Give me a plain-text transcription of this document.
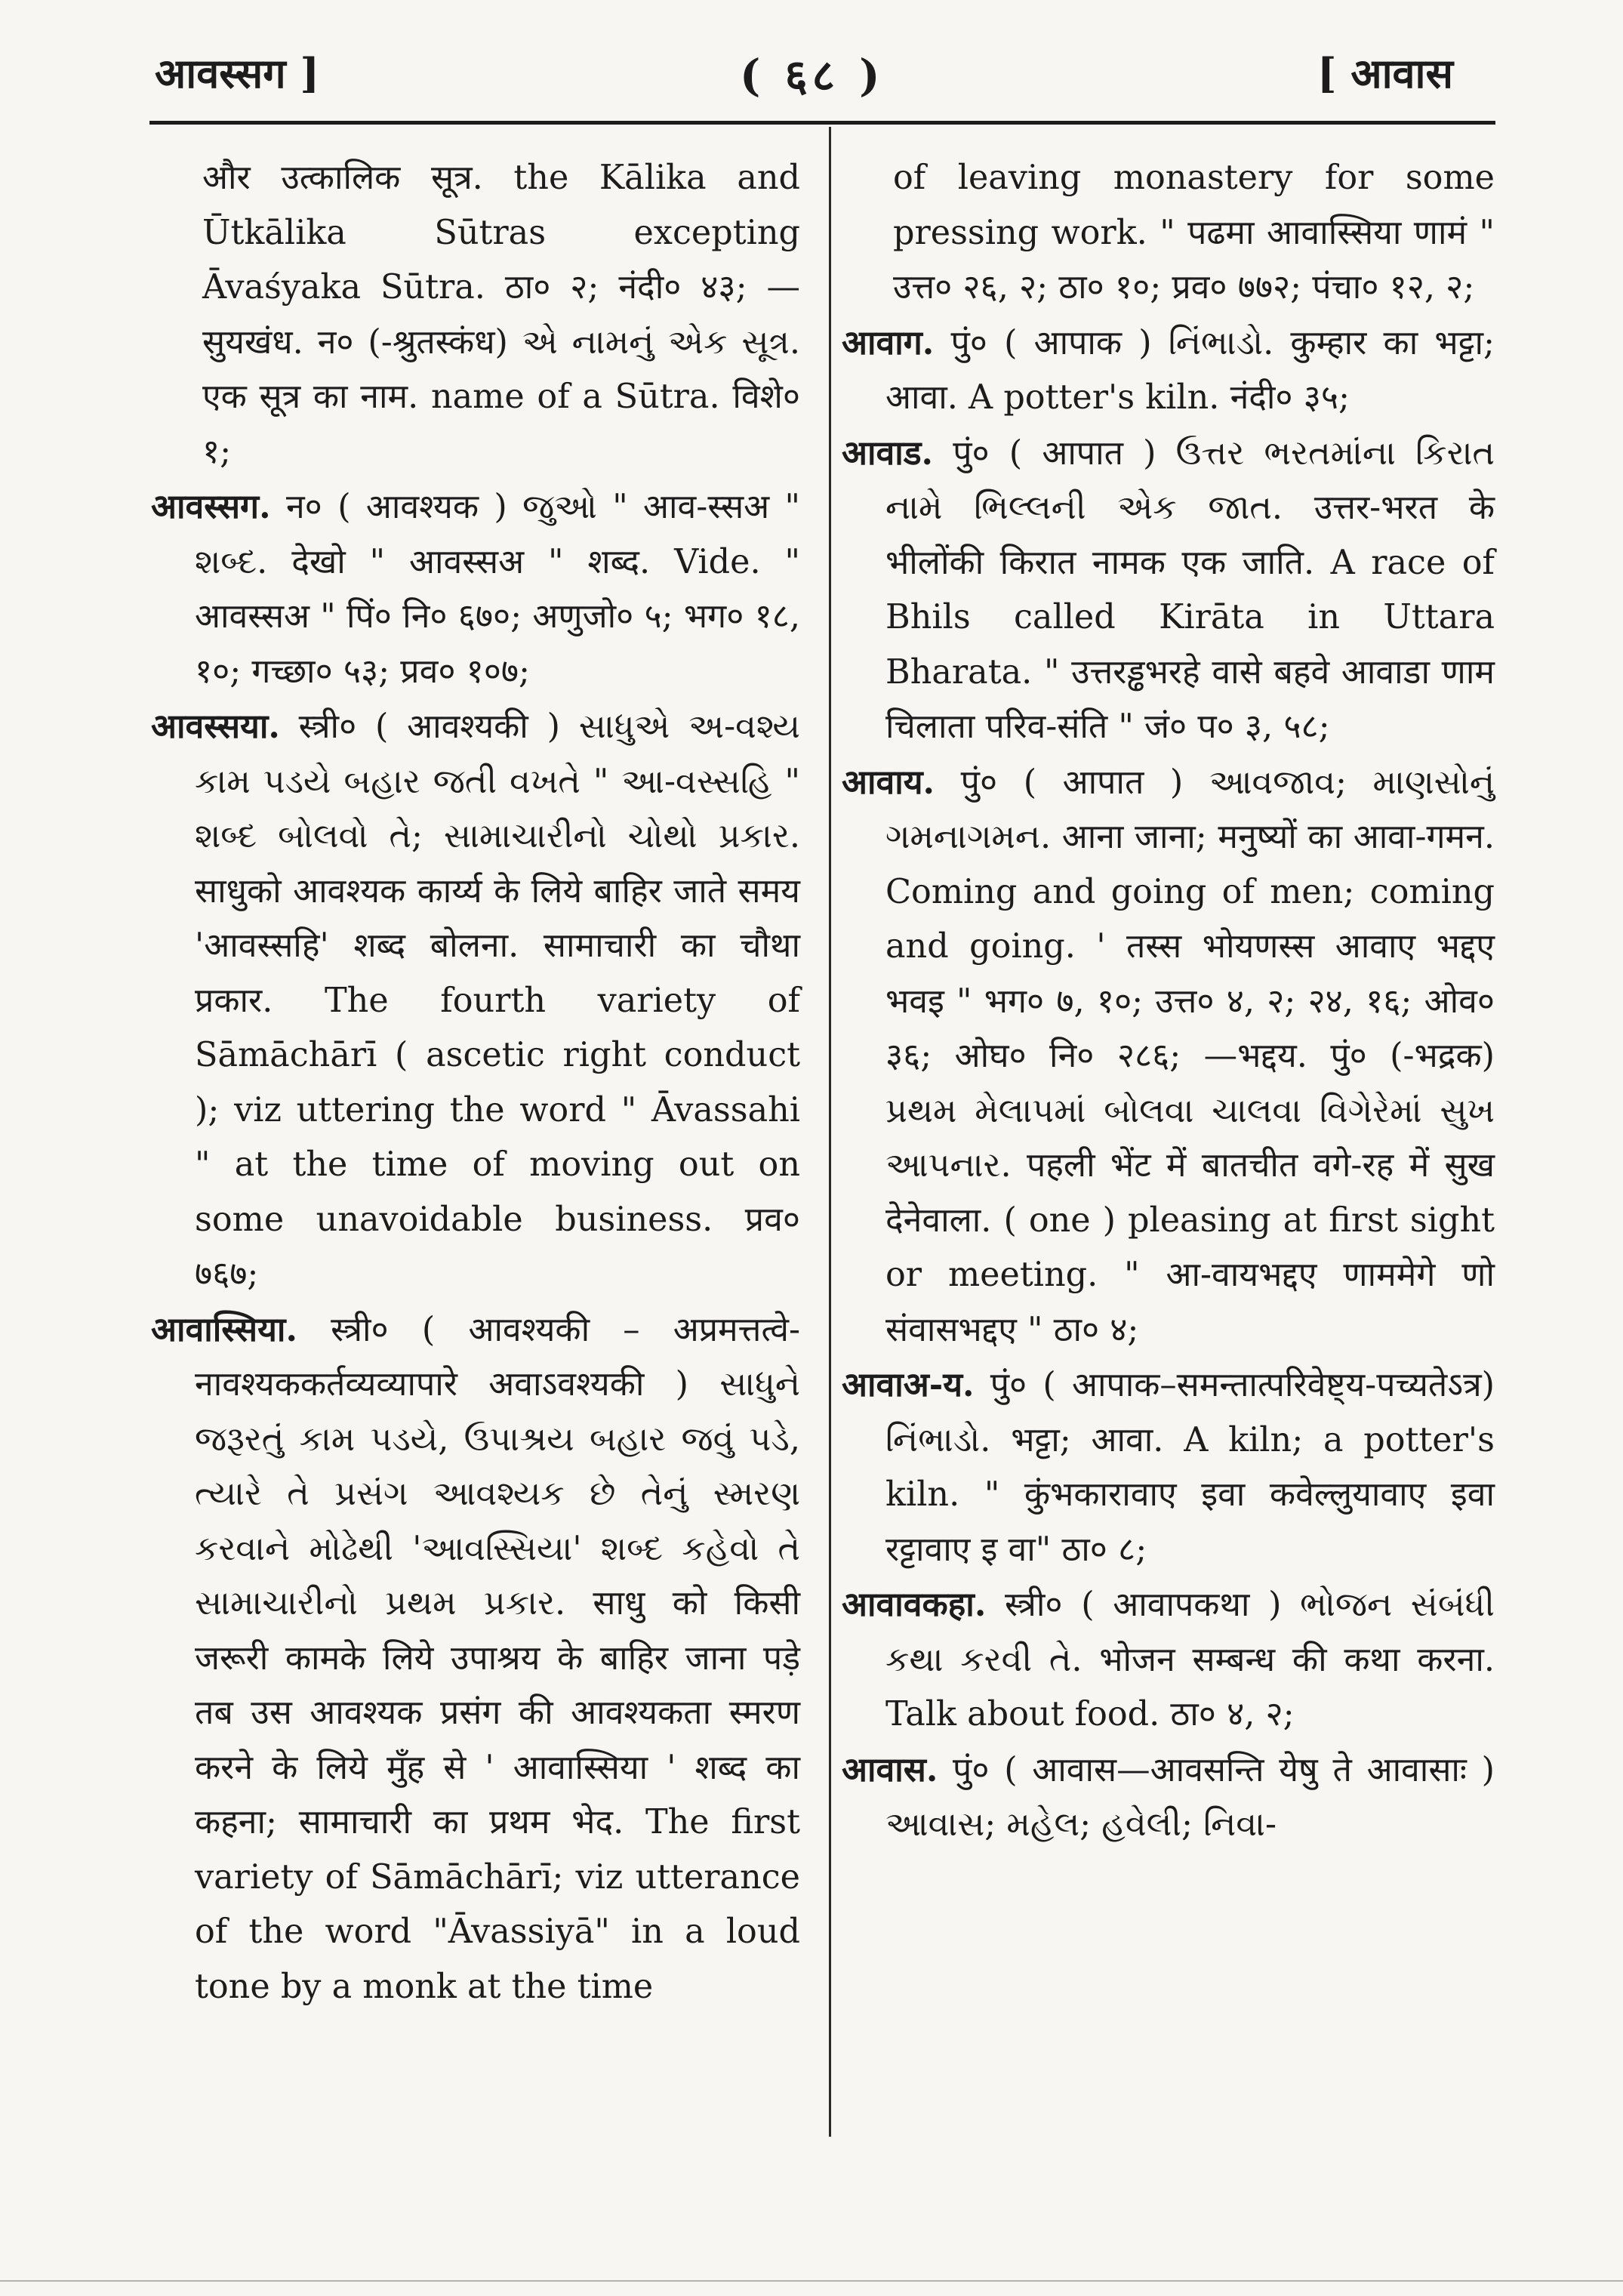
आवस्सग ]	( ६८ )	[ आवास

और उत्कालिक सूत्र. the Kālika and Ūtkālika Sūtras excepting Āvaśyaka Sūtra. ठा० २; नंदी० ४३; —सुयखंध. न० (-श्रुतस्कंध) એ નામનું એક સૂત્ર. एक सूत्र का नाम. name of a Sūtra. विशे० १;

आवस्सग. न० ( आवश्यक ) જુઓ " आव-स्सअ " શબ્દ. देखो " आवस्सअ " शब्द. Vide. " आवस्सअ " पिं० नि० ६७०; अणुजो० ५; भग० १८, १०; गच्छा० ५३; प्रव० १०७;

आवस्सया. स्त्री० ( आवश्यकी ) સાધુએ અ-વશ્ય કામ પડયે બહાર જતી વખતે " આ-વસ્સહિ " શબ્દ બોલવો તે; સામાચારીનો ચોથો પ્રકાર. साधुको आवश्यक कार्य्य के लिये बाहिर जाते समय 'आवस्सहि' शब्द बोलना. सामाचारी का चौथा प्रकार. The fourth variety of Sāmāchārī ( ascetic right conduct ); viz uttering the word " Āvassahi " at the time of moving out on some unavoidable business. प्रव० ७६७;

आवास्सिया. स्त्री० ( आवश्यकी – अप्रमत्तत्वे-नावश्यककर्तव्यव्यापारे अवाऽवश्यकी ) સાધુને જરૂરતું કામ પડયે, ઉપાશ્રય બહાર જવું પડે, ત્યારે તે પ્રસંગ આવશ્યક છે તેનું સ્મરણ કરવાને મોઢેથી 'આવસ્સિયા' શબ્દ કહેવો તે સામાચારીનો પ્રથમ પ્રકાર. साधु को किसी जरूरी कामके लिये उपाश्रय के बाहिर जाना पड़े तब उस आवश्यक प्रसंग की आवश्यकता स्मरण करने के लिये मुँह से ' आवास्सिया ' शब्द का कहना; सामाचारी का प्रथम भेद. The first variety of Sāmāchārī; viz utterance of the word "Āvassiyā" in a loud tone by a monk at the time

of leaving monastery for some pressing work. " पढमा आवास्सिया णामं " उत्त० २६, २; ठा० १०; प्रव० ७७२; पंचा० १२, २;

आवाग. पुं० ( आपाक ) નિંભાડો. कुम्हार का भट्टा; आवा. A potter's kiln. नंदी० ३५;

आवाड. पुं० ( आपात ) ઉત્તર ભરતમાંના કિરાત નામે ભિલ્લની એક જાત. उत्तर-भरत के भीलोंकी किरात नामक एक जाति. A race of Bhils called Kirāta in Uttara Bharata. " उत्तरड्ढभरहे वासे बहवे आवाडा णाम चिलाता परिव-संति " जं० प० ३, ५८;

आवाय. पुं० ( आपात ) આવજાવ; માણસોનું ગમનાગમન. आना जाना; मनुष्यों का आवा-गमन. Coming and going of men; coming and going. ' तस्स भोयणस्स आवाए भद्दए भवइ " भग० ७, १०; उत्त० ४, २; २४, १६; ओव० ३६; ओघ० नि० २८६; —भद्दय. पुं० (-भद्रक) પ્રથમ મેલાપમાં બોલવા ચાલવા વિગેરેમાં સુખ આપનાર. पहली भेंट में बातचीत वगे-रह में सुख देनेवाला. ( one ) pleasing at first sight or meeting. " आ-वायभद्दए णाममेगे णो संवासभद्दए " ठा० ४;

आवाअ-य. पुं० ( आपाक–समन्तात्परिवेष्ट्य-पच्यतेऽत्र) નિંભાડો. भट्टा; आवा. A kiln; a potter's kiln. " कुंभकारावाए इवा कवेल्लुयावाए इवा रट्टावाए इ वा" ठा० ८;

आवावकहा. स्त्री० ( आवापकथा ) ભોજન સંબંધી કથા કરવી તે. भोजन सम्बन्ध की कथा करना. Talk about food. ठा० ४, २;

आवास. पुं० ( आवास—आवसन्ति येषु ते आवासाः ) આવાસ; મહેલ; હવેલી; નિવા-
